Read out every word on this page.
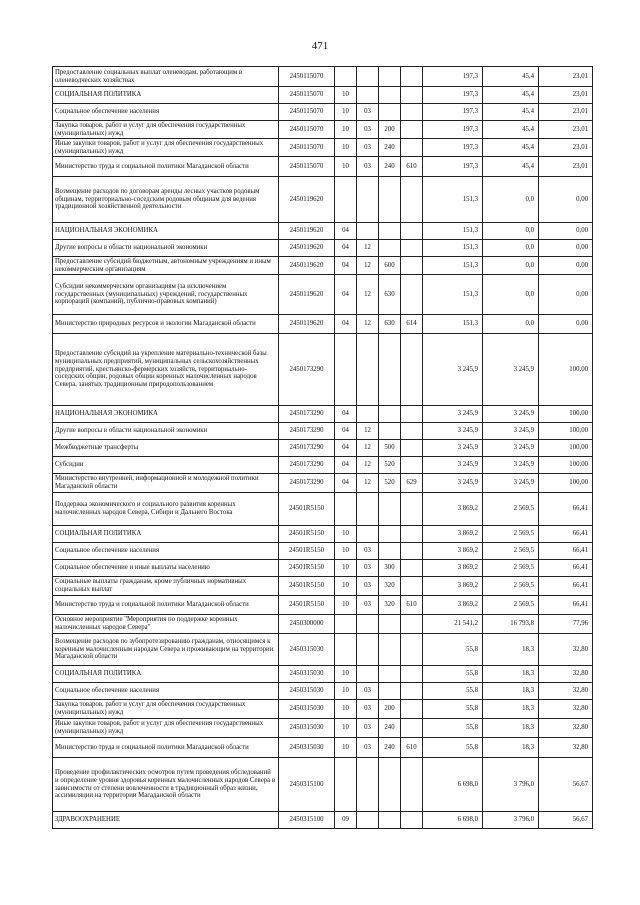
471
Предоставление социальных выплат оленеводам, работающим в оленеводческих хозяйствах	2450115070					197,3	45,4	23,01
СОЦИАЛЬНАЯ ПОЛИТИКА	2450115070	10				197,3	45,4	23,01
Социальное обеспечение населения	2450115070	10	03			197,3	45,4	23,01
Закупка товаров, работ и услуг для обеспечения государственных (муниципальных) нужд	2450115070	10	03	200		197,3	45,4	23,01
Иные закупки товаров, работ и услуг для обеспечения государственных (муниципальных) нужд	2450115070	10	03	240		197,3	45,4	23,01
Министерство труда и социальной политики Магаданской области	2450115070	10	03	240	610	197,3	45,4	23,01
Возмещение расходов по договорам аренды лесных участков родовым общинам, территориально-соседским родовым общинам для ведения традиционной хозяйственной деятельности	2450119620					151,3	0,0	0,00
НАЦИОНАЛЬНАЯ ЭКОНОМИКА	2450119620	04				151,3	0,0	0,00
Другие вопросы в области национальной экономики	2450119620	04	12			151,3	0,0	0,00
Предоставление субсидий бюджетным, автономным учреждениям и иным некоммерческим организациям	2450119620	04	12	600		151,3	0,0	0,00
Субсидии некоммерческим организациям (за исключением государственных (муниципальных) учреждений, государственных корпораций (компаний), публично-правовых компаний)	2450119620	04	12	630		151,3	0,0	0,00
Министерство природных ресурсов и экологии Магаданской области	2450119620	04	12	630	614	151,3	0,0	0,00
Предоставление субсидий на укрепление материально-технической базы муниципальных предприятий, муниципальных сельскохозяйственных предприятий, крестьянско-фермерских хозяйств, территориально-соседских общин, родовых общин коренных малочисленных народов Севера, занятых традиционным природопользованием	2450173290					3 245,9	3 245,9	100,00
НАЦИОНАЛЬНАЯ ЭКОНОМИКА	2450173290	04				3 245,9	3 245,9	100,00
Другие вопросы в области национальной экономики	2450173290	04	12			3 245,9	3 245,9	100,00
Межбюджетные трансферты	2450173290	04	12	500		3 245,9	3 245,9	100,00
Субсидии	2450173290	04	12	520		3 245,9	3 245,9	100,00
Министерство внутренней, информационной и молодежной политики Магаданской области	2450173290	04	12	520	629	3 245,9	3 245,9	100,00
Поддержка экономического и социального развития коренных малочисленных народов Севера, Сибири и Дальнего Востока	24501R5150					3 869,2	2 569,5	66,41
СОЦИАЛЬНАЯ ПОЛИТИКА	24501R5150	10				3 869,2	2 569,5	66,41
Социальное обеспечение населения	24501R5150	10	03			3 869,2	2 569,5	66,41
Социальное обеспечение и иные выплаты населению	24501R5150	10	03	300		3 869,2	2 569,5	66,41
Социальные выплаты гражданам, кроме публичных нормативных социальных выплат	24501R5150	10	03	320		3 869,2	2 569,5	66,41
Министерство труда и социальной политики Магаданской области	24501R5150	10	03	320	610	3 869,2	2 569,5	66,41
Основное мероприятие "Мероприятия по поддержке коренных малочисленных народов Севера"	2450300000					21 541,2	16 793,8	77,96
Возмещение расходов по зубопротезированию гражданам, относящимся к коренным малочисленным народам Севера и проживающим на территории Магаданской области	2450315030					55,8	18,3	32,80
СОЦИАЛЬНАЯ ПОЛИТИКА	2450315030	10				55,8	18,3	32,80
Социальное обеспечение населения	2450315030	10	03			55,8	18,3	32,80
Закупка товаров, работ и услуг для обеспечения государственных (муниципальных) нужд	2450315030	10	03	200		55,8	18,3	32,80
Иные закупки товаров, работ и услуг для обеспечения государственных (муниципальных) нужд	2450315030	10	03	240		55,8	18,3	32,80
Министерство труда и социальной политики Магаданской области	2450315030	10	03	240	610	55,8	18,3	32,80
Проведение профилактических осмотров путем проведения обследований и определение уровня здоровья коренных малочисленных народов Севера в зависимости от степени вовлеченности в традиционный образ жизни, ассимиляции на территории Магаданской области	2450315100					6 698,0	3 796,0	56,67
ЗДРАВООХРАНЕНИЕ	2450315100	09				6 698,0	3 796,0	56,67
